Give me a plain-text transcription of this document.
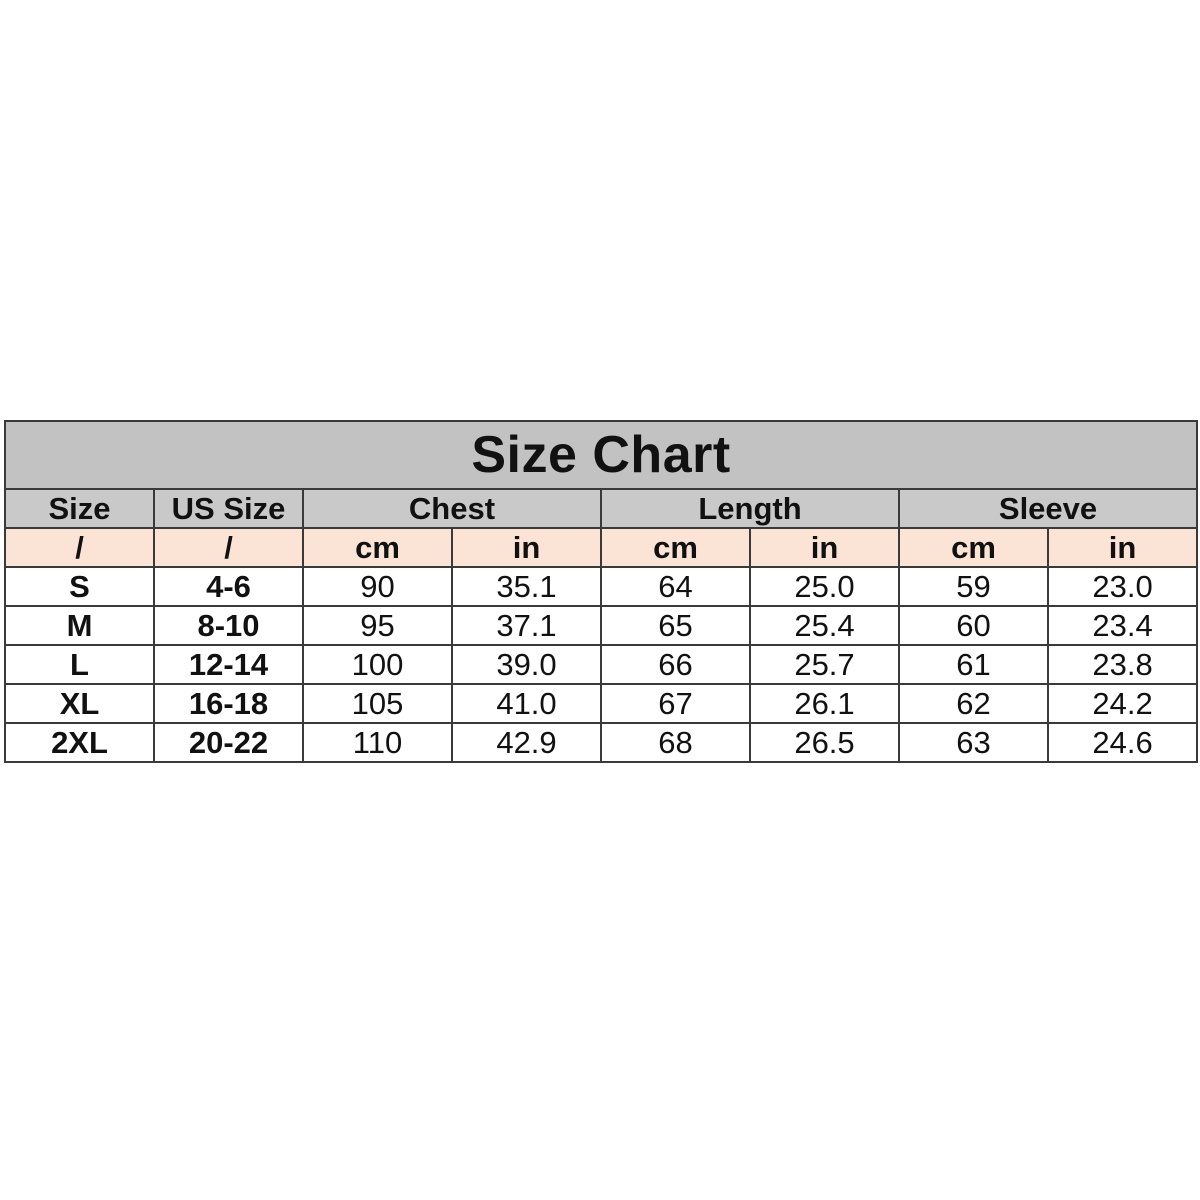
Size Chart							
Size	US Size	Chest		Length		Sleeve	
/	/	cm	in	cm	in	cm	in
S	4-6	90	35.1	64	25.0	59	23.0
M	8-10	95	37.1	65	25.4	60	23.4
L	12-14	100	39.0	66	25.7	61	23.8
XL	16-18	105	41.0	67	26.1	62	24.2
2XL	20-22	110	42.9	68	26.5	63	24.6
